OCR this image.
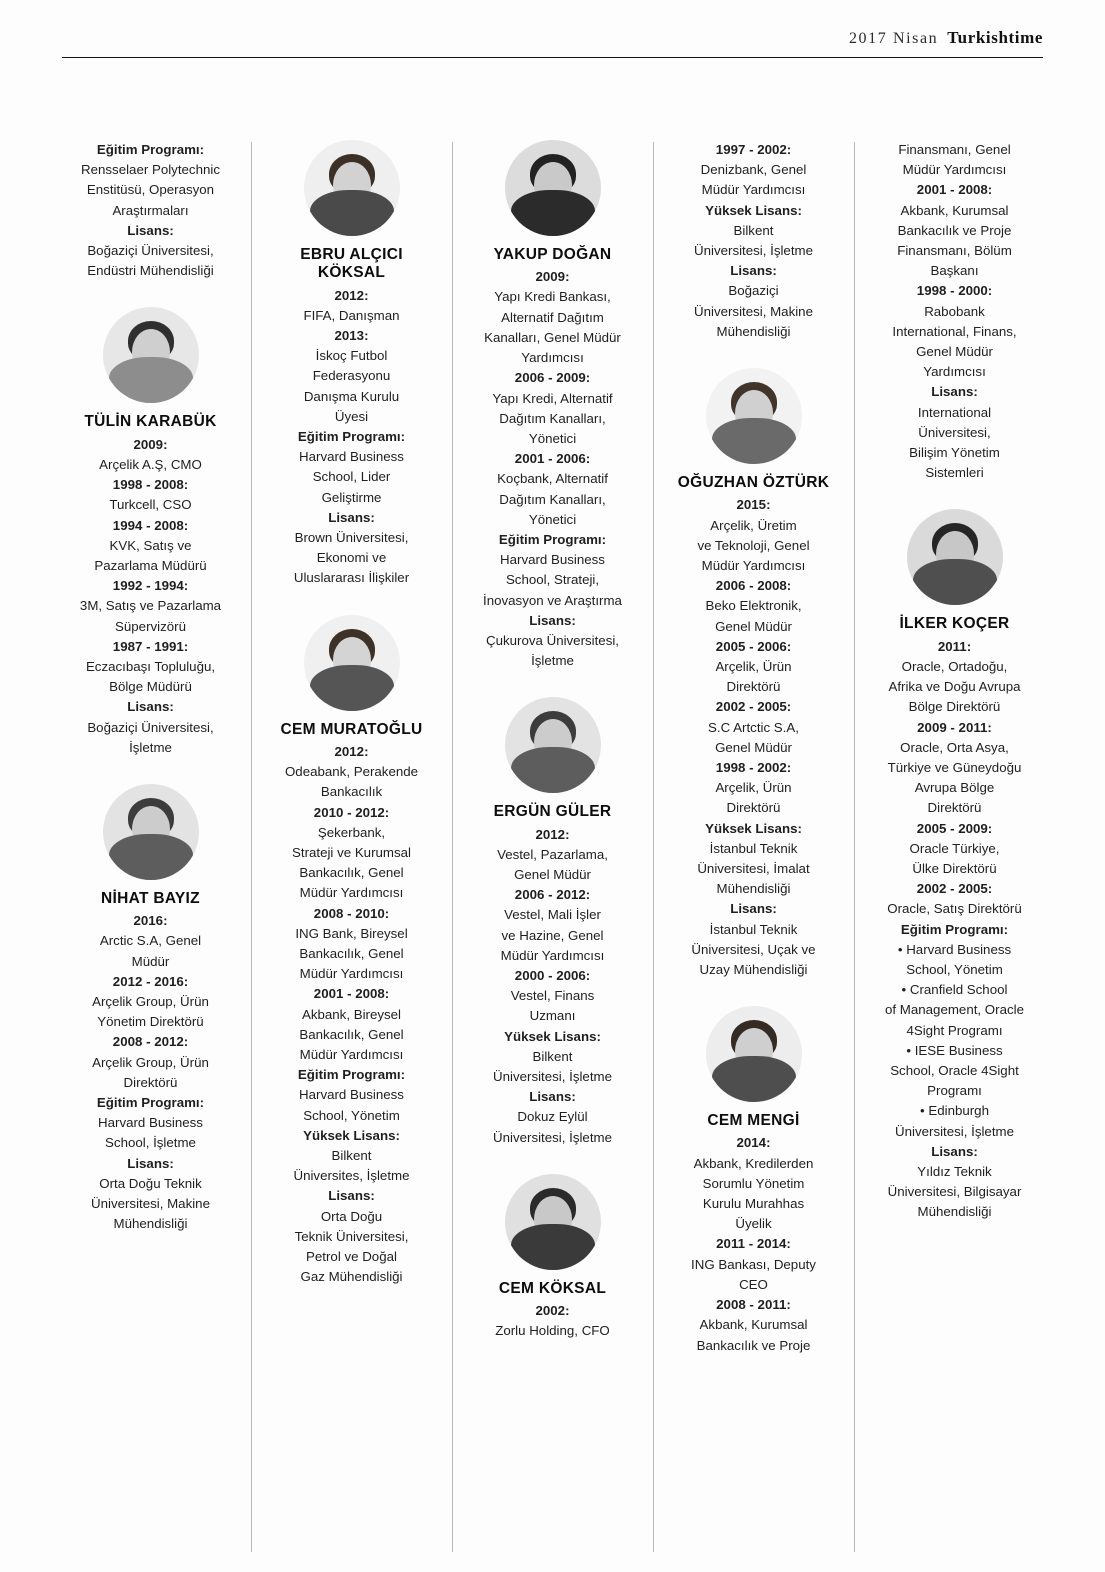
2017 Nisan Turkishtime
Eğitim Programı:
Rensselaer Polytechnic
Enstitüsü, Operasyon
Araştırmaları
Lisans:
Boğaziçi Üniversitesi,
Endüstri Mühendisliği
TÜLİN KARABÜK
2009:
Arçelik A.Ş, CMO
1998 - 2008:
Turkcell, CSO
1994 - 2008:
KVK, Satış ve
Pazarlama Müdürü
1992 - 1994:
3M, Satış ve Pazarlama
Süpervizörü
1987 - 1991:
Eczacıbaşı Topluluğu,
Bölge Müdürü
Lisans:
Boğaziçi Üniversitesi,
İşletme
NİHAT BAYIZ
2016:
Arctic S.A, Genel
Müdür
2012 - 2016:
Arçelik Group, Ürün
Yönetim Direktörü
2008 - 2012:
Arçelik Group, Ürün
Direktörü
Eğitim Programı:
Harvard Business
School, İşletme
Lisans:
Orta Doğu Teknik
Üniversitesi, Makine
Mühendisliği
EBRU ALÇICI
KÖKSAL
2012:
FIFA, Danışman
2013:
İskoç Futbol
Federasyonu
Danışma Kurulu
Üyesi
Eğitim Programı:
Harvard Business
School, Lider
Geliştirme
Lisans:
Brown Üniversitesi,
Ekonomi ve
Uluslararası İlişkiler
CEM MURATOĞLU
2012:
Odeabank, Perakende
Bankacılık
2010 - 2012:
Şekerbank,
Strateji ve Kurumsal
Bankacılık, Genel
Müdür Yardımcısı
2008 - 2010:
ING Bank, Bireysel
Bankacılık, Genel
Müdür Yardımcısı
2001 - 2008:
Akbank, Bireysel
Bankacılık, Genel
Müdür Yardımcısı
Eğitim Programı:
Harvard Business
School, Yönetim
Yüksek Lisans:
Bilkent
Üniversites, İşletme
Lisans:
Orta Doğu
Teknik Üniversitesi,
Petrol ve Doğal
Gaz Mühendisliği
YAKUP DOĞAN
2009:
Yapı Kredi Bankası,
Alternatif Dağıtım
Kanalları, Genel Müdür
Yardımcısı
2006 - 2009:
Yapı Kredi, Alternatif
Dağıtım Kanalları,
Yönetici
2001 - 2006:
Koçbank, Alternatif
Dağıtım Kanalları,
Yönetici
Eğitim Programı:
Harvard Business
School, Strateji,
İnovasyon ve Araştırma
Lisans:
Çukurova Üniversitesi,
İşletme
ERGÜN GÜLER
2012:
Vestel, Pazarlama,
Genel Müdür
2006 - 2012:
Vestel, Mali İşler
ve Hazine, Genel
Müdür Yardımcısı
2000 - 2006:
Vestel, Finans
Uzmanı
Yüksek Lisans:
Bilkent
Üniversitesi, İşletme
Lisans:
Dokuz Eylül
Üniversitesi, İşletme
CEM KÖKSAL
2002:
Zorlu Holding, CFO
1997 - 2002:
Denizbank, Genel
Müdür Yardımcısı
Yüksek Lisans:
Bilkent
Üniversitesi, İşletme
Lisans:
Boğaziçi
Üniversitesi, Makine
Mühendisliği
OĞUZHAN ÖZTÜRK
2015:
Arçelik, Üretim
ve Teknoloji, Genel
Müdür Yardımcısı
2006 - 2008:
Beko Elektronik,
Genel Müdür
2005 - 2006:
Arçelik, Ürün
Direktörü
2002 - 2005:
S.C Artctic S.A,
Genel Müdür
1998 - 2002:
Arçelik, Ürün
Direktörü
Yüksek Lisans:
İstanbul Teknik
Üniversitesi, İmalat
Mühendisliği
Lisans:
İstanbul Teknik
Üniversitesi, Uçak ve
Uzay Mühendisliği
CEM MENGİ
2014:
Akbank, Kredilerden
Sorumlu Yönetim
Kurulu Murahhas
Üyelik
2011 - 2014:
ING Bankası, Deputy
CEO
2008 - 2011:
Akbank, Kurumsal
Bankacılık ve Proje
Finansmanı, Genel
Müdür Yardımcısı
2001 - 2008:
Akbank, Kurumsal
Bankacılık ve Proje
Finansmanı, Bölüm
Başkanı
1998 - 2000:
Rabobank
International, Finans,
Genel Müdür
Yardımcısı
Lisans:
International
Üniversitesi,
Bilişim Yönetim
Sistemleri
İLKER KOÇER
2011:
Oracle, Ortadoğu,
Afrika ve Doğu Avrupa
Bölge Direktörü
2009 - 2011:
Oracle, Orta Asya,
Türkiye ve Güneydoğu
Avrupa Bölge
Direktörü
2005 - 2009:
Oracle Türkiye,
Ülke Direktörü
2002 - 2005:
Oracle, Satış Direktörü
Eğitim Programı:
• Harvard Business
School, Yönetim
• Cranfield School
of Management, Oracle
4Sight Programı
• IESE Business
School, Oracle 4Sight
Programı
• Edinburgh
Üniversitesi, İşletme
Lisans:
Yıldız Teknik
Üniversitesi, Bilgisayar
Mühendisliği
